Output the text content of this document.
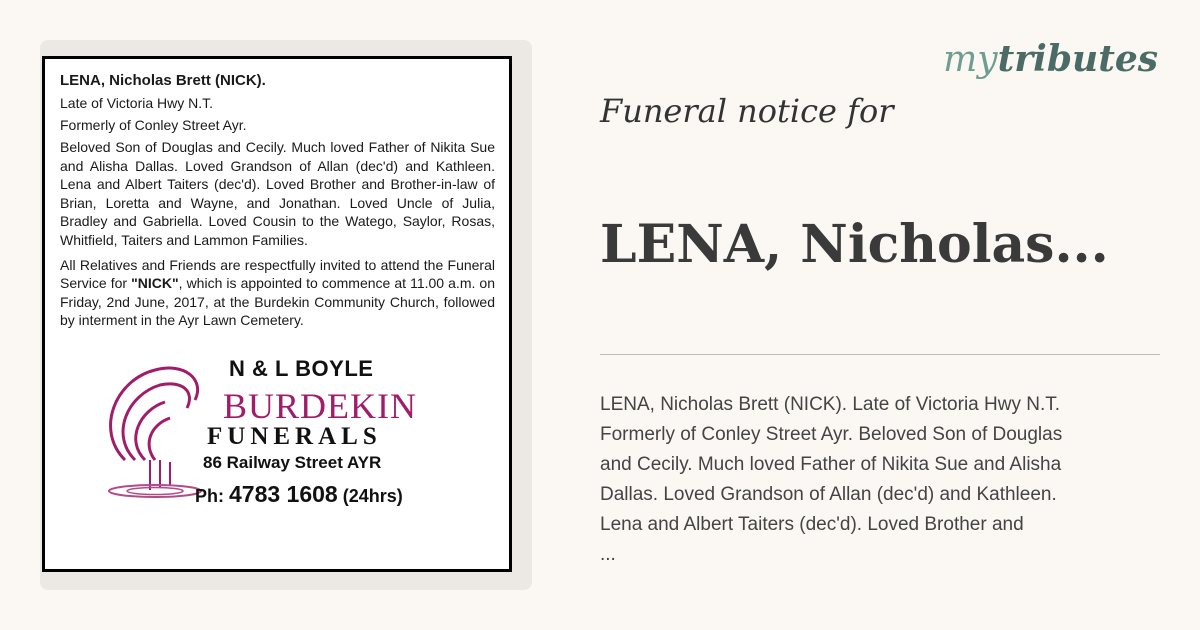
LENA, Nicholas Brett (NICK).

Late of Victoria Hwy N.T.

Formerly of Conley Street Ayr.

Beloved Son of Douglas and Cecily. Much loved Father of Nikita Sue and Alisha Dallas. Loved Grandson of Allan (dec'd) and Kathleen. Lena and Albert Taiters (dec'd). Loved Brother and Brother-in-law of Brian, Loretta and Wayne, and Jonathan. Loved Uncle of Julia, Bradley and Gabriella. Loved Cousin to the Watego, Saylor, Rosas, Whitfield, Taiters and Lammon Families.

All Relatives and Friends are respectfully invited to attend the Funeral Service for "NICK", which is appointed to commence at 11.00 a.m. on Friday, 2nd June, 2017, at the Burdekin Community Church, followed by interment in the Ayr Lawn Cemetery.

N & L BOYLE
BURDEKIN
FUNERALS
86 Railway Street AYR
Ph: 4783 1608 (24hrs)
mytributes
Funeral notice for
LENA, Nicholas...
LENA, Nicholas Brett (NICK). Late of Victoria Hwy N.T.
Formerly of Conley Street Ayr. Beloved Son of Douglas
and Cecily. Much loved Father of Nikita Sue and Alisha
Dallas. Loved Grandson of Allan (dec'd) and Kathleen.
Lena and Albert Taiters (dec'd). Loved Brother and
...
